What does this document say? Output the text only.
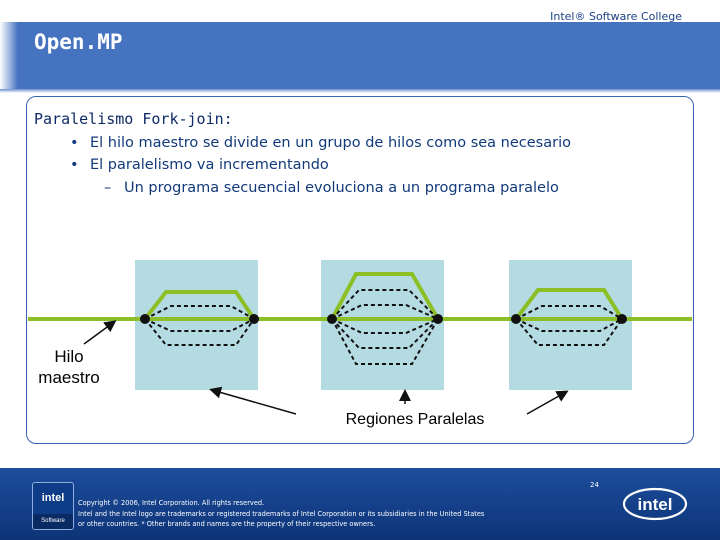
Intel® Software College
Open.MP
Paralelismo Fork-join:
• El hilo maestro se divide en un grupo de hilos como sea necesario
• El paralelismo va incrementando
– Un programa secuencial evoluciona a un programa paralelo
Hilo
maestro
Regiones Paralelas
intel
Software
Copyright © 2006, Intel Corporation. All rights reserved.
Intel and the Intel logo are trademarks or registered trademarks of Intel Corporation or its subsidiaries in the United States
or other countries. * Other brands and names are the property of their respective owners.
24
intel
